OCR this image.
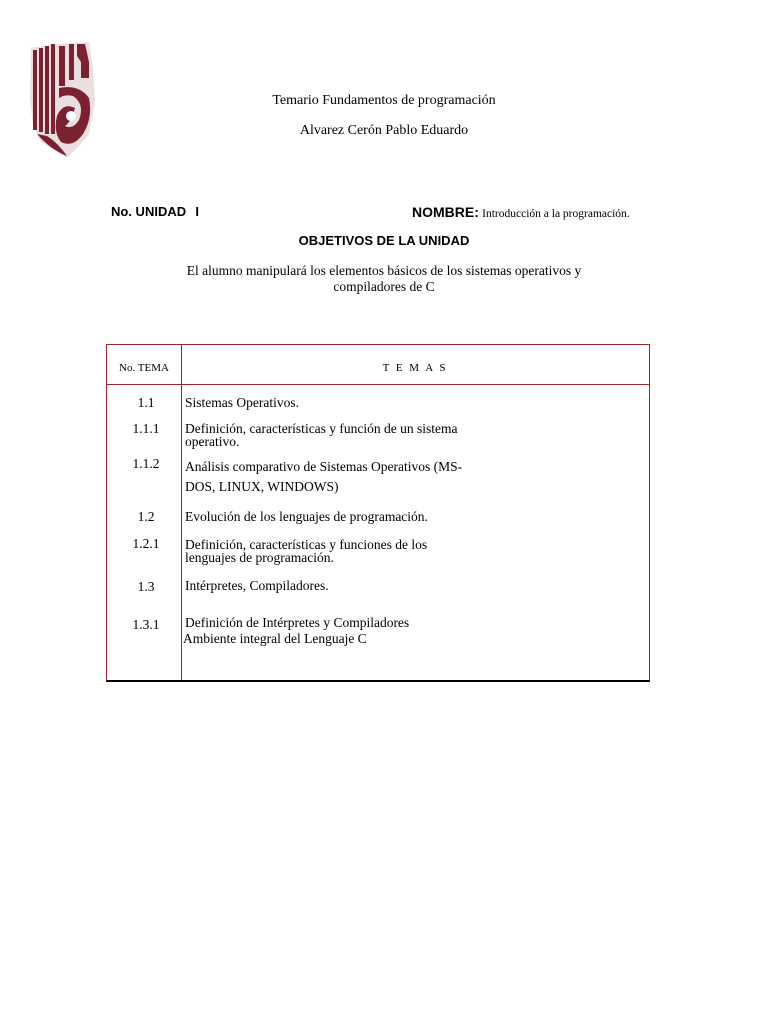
Temario Fundamentos de programación
Alvarez Cerón Pablo Eduardo
No. UNIDAD I	NOMBRE: Introducción a la programación.
OBJETIVOS DE LA UNIDAD
El alumno manipulará los elementos básicos de los sistemas operativos y compiladores de C
No. TEMA	T E M A S
1.1	Sistemas Operativos.
1.1.1	Definición, características y función de un sistema operativo.
1.1.2	Análisis comparativo de Sistemas Operativos (MS-DOS, LINUX, WINDOWS)
1.2	Evolución de los lenguajes de programación.
1.2.1	Definición, características y funciones de los lenguajes de programación.
1.3	Intérpretes, Compiladores.
1.3.1	Definición de Intérpretes y Compiladores
Ambiente integral del Lenguaje C
